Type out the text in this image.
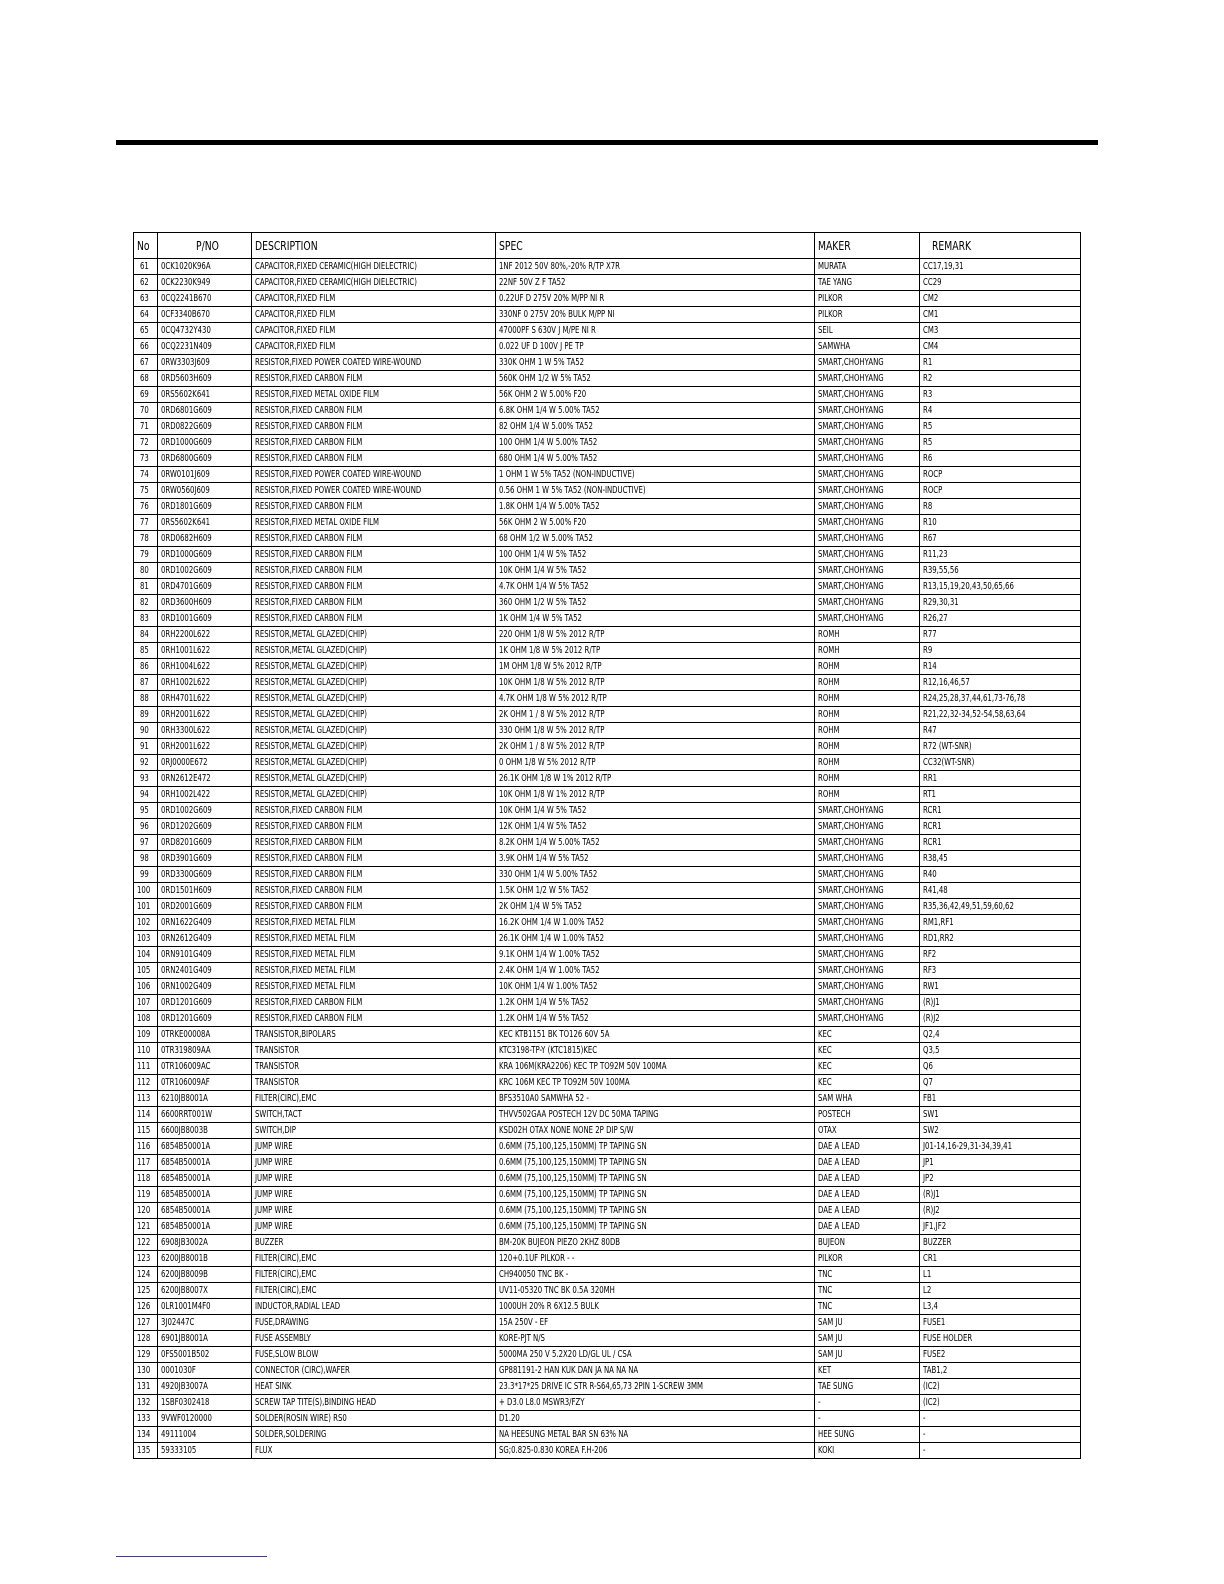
No	P/NO	DESCRIPTION	SPEC	MAKER	REMARK
61	0CK1020K96A	CAPACITOR,FIXED CERAMIC(HIGH DIELECTRIC)	1NF 2012 50V 80%,-20% R/TP X7R	MURATA	CC17,19,31
62	0CK2230K949	CAPACITOR,FIXED CERAMIC(HIGH DIELECTRIC)	22NF 50V Z F TA52	TAE YANG	CC29
63	0CQ2241B670	CAPACITOR,FIXED FILM	0.22UF D 275V 20% M/PP NI R	PILKOR	CM2
64	0CF3340B670	CAPACITOR,FIXED FILM	330NF 0 275V 20% BULK M/PP NI	PILKOR	CM1
65	0CQ4732Y430	CAPACITOR,FIXED FILM	47000PF S 630V J M/PE NI R	SEIL	CM3
66	0CQ2231N409	CAPACITOR,FIXED FILM	0.022 UF D 100V J PE TP	SAMWHA	CM4
67	0RW3303J609	RESISTOR,FIXED POWER COATED WIRE-WOUND	330K OHM 1 W 5% TA52	SMART,CHOHYANG	R1
68	0RD5603H609	RESISTOR,FIXED CARBON FILM	560K OHM 1/2 W 5% TA52	SMART,CHOHYANG	R2
69	0RS5602K641	RESISTOR,FIXED METAL OXIDE FILM	56K OHM 2 W 5.00% F20	SMART,CHOHYANG	R3
70	0RD6801G609	RESISTOR,FIXED CARBON FILM	6.8K OHM 1/4 W 5.00% TA52	SMART,CHOHYANG	R4
71	0RD0822G609	RESISTOR,FIXED CARBON FILM	82 OHM 1/4 W 5.00% TA52	SMART,CHOHYANG	R5
72	0RD1000G609	RESISTOR,FIXED CARBON FILM	100 OHM 1/4 W 5.00% TA52	SMART,CHOHYANG	R5
73	0RD6800G609	RESISTOR,FIXED CARBON FILM	680 OHM 1/4 W 5.00% TA52	SMART,CHOHYANG	R6
74	0RW0101J609	RESISTOR,FIXED POWER COATED WIRE-WOUND	1 OHM 1 W 5% TA52 (NON-INDUCTIVE)	SMART,CHOHYANG	ROCP
75	0RW0560J609	RESISTOR,FIXED POWER COATED WIRE-WOUND	0.56 OHM 1 W 5% TA52 (NON-INDUCTIVE)	SMART,CHOHYANG	ROCP
76	0RD1801G609	RESISTOR,FIXED CARBON FILM	1.8K OHM 1/4 W 5.00% TA52	SMART,CHOHYANG	R8
77	0RS5602K641	RESISTOR,FIXED METAL OXIDE FILM	56K OHM 2 W 5.00% F20	SMART,CHOHYANG	R10
78	0RD0682H609	RESISTOR,FIXED CARBON FILM	68 OHM 1/2 W 5.00% TA52	SMART,CHOHYANG	R67
79	0RD1000G609	RESISTOR,FIXED CARBON FILM	100 OHM 1/4 W 5% TA52	SMART,CHOHYANG	R11,23
80	0RD1002G609	RESISTOR,FIXED CARBON FILM	10K OHM 1/4 W 5% TA52	SMART,CHOHYANG	R39,55,56
81	0RD4701G609	RESISTOR,FIXED CARBON FILM	4.7K OHM 1/4 W 5% TA52	SMART,CHOHYANG	R13,15,19,20,43,50,65,66
82	0RD3600H609	RESISTOR,FIXED CARBON FILM	360 OHM 1/2 W 5% TA52	SMART,CHOHYANG	R29,30,31
83	0RD1001G609	RESISTOR,FIXED CARBON FILM	1K OHM 1/4 W 5% TA52	SMART,CHOHYANG	R26,27
84	0RH2200L622	RESISTOR,METAL GLAZED(CHIP)	220 OHM 1/8 W 5% 2012 R/TP	ROMH	R77
85	0RH1001L622	RESISTOR,METAL GLAZED(CHIP)	1K OHM 1/8 W 5% 2012 R/TP	ROMH	R9
86	0RH1004L622	RESISTOR,METAL GLAZED(CHIP)	1M OHM 1/8 W 5% 2012 R/TP	ROHM	R14
87	0RH1002L622	RESISTOR,METAL GLAZED(CHIP)	10K OHM 1/8 W 5% 2012 R/TP	ROHM	R12,16,46,57
88	0RH4701L622	RESISTOR,METAL GLAZED(CHIP)	4.7K OHM 1/8 W 5% 2012 R/TP	ROHM	R24,25,28,37,44,61,73-76,78
89	0RH2001L622	RESISTOR,METAL GLAZED(CHIP)	2K OHM 1 / 8 W 5% 2012 R/TP	ROHM	R21,22,32-34,52-54,58,63,64
90	0RH3300L622	RESISTOR,METAL GLAZED(CHIP)	330 OHM 1/8 W 5% 2012 R/TP	ROHM	R47
91	0RH2001L622	RESISTOR,METAL GLAZED(CHIP)	2K OHM 1 / 8 W 5% 2012 R/TP	ROHM	R72 (WT-SNR)
92	0RJ0000E672	RESISTOR,METAL GLAZED(CHIP)	0 OHM 1/8 W 5% 2012 R/TP	ROHM	CC32(WT-SNR)
93	0RN2612E472	RESISTOR,METAL GLAZED(CHIP)	26.1K OHM 1/8 W 1% 2012 R/TP	ROHM	RR1
94	0RH1002L422	RESISTOR,METAL GLAZED(CHIP)	10K OHM 1/8 W 1% 2012 R/TP	ROHM	RT1
95	0RD1002G609	RESISTOR,FIXED CARBON FILM	10K OHM 1/4 W 5% TA52	SMART,CHOHYANG	RCR1
96	0RD1202G609	RESISTOR,FIXED CARBON FILM	12K OHM 1/4 W 5% TA52	SMART,CHOHYANG	RCR1
97	0RD8201G609	RESISTOR,FIXED CARBON FILM	8.2K OHM 1/4 W 5.00% TA52	SMART,CHOHYANG	RCR1
98	0RD3901G609	RESISTOR,FIXED CARBON FILM	3.9K OHM 1/4 W 5% TA52	SMART,CHOHYANG	R38,45
99	0RD3300G609	RESISTOR,FIXED CARBON FILM	330 OHM 1/4 W 5.00% TA52	SMART,CHOHYANG	R40
100	0RD1501H609	RESISTOR,FIXED CARBON FILM	1.5K OHM 1/2 W 5% TA52	SMART,CHOHYANG	R41,48
101	0RD2001G609	RESISTOR,FIXED CARBON FILM	2K OHM 1/4 W 5% TA52	SMART,CHOHYANG	R35,36,42,49,51,59,60,62
102	0RN1622G409	RESISTOR,FIXED METAL FILM	16.2K OHM 1/4 W 1.00% TA52	SMART,CHOHYANG	RM1,RF1
103	0RN2612G409	RESISTOR,FIXED METAL FILM	26.1K OHM 1/4 W 1.00% TA52	SMART,CHOHYANG	RD1,RR2
104	0RN9101G409	RESISTOR,FIXED METAL FILM	9.1K OHM 1/4 W 1.00% TA52	SMART,CHOHYANG	RF2
105	0RN2401G409	RESISTOR,FIXED METAL FILM	2.4K OHM 1/4 W 1.00% TA52	SMART,CHOHYANG	RF3
106	0RN1002G409	RESISTOR,FIXED METAL FILM	10K OHM 1/4 W 1.00% TA52	SMART,CHOHYANG	RW1
107	0RD1201G609	RESISTOR,FIXED CARBON FILM	1.2K OHM 1/4 W 5% TA52	SMART,CHOHYANG	(R)J1
108	0RD1201G609	RESISTOR,FIXED CARBON FILM	1.2K OHM 1/4 W 5% TA52	SMART,CHOHYANG	(R)J2
109	0TRKE00008A	TRANSISTOR,BIPOLARS	KEC KTB1151 BK TO126 60V 5A	KEC	Q2,4
110	0TR319809AA	TRANSISTOR	KTC3198-TP-Y (KTC1815)KEC	KEC	Q3,5
111	0TR106009AC	TRANSISTOR	KRA 106M(KRA2206) KEC TP TO92M 50V 100MA	KEC	Q6
112	0TR106009AF	TRANSISTOR	KRC 106M KEC TP TO92M 50V 100MA	KEC	Q7
113	6210JB8001A	FILTER(CIRC),EMC	BFS3510A0 SAMWHA 52 -	SAM WHA	FB1
114	6600RRT001W	SWITCH,TACT	THVV502GAA POSTECH 12V DC 50MA TAPING	POSTECH	SW1
115	6600JB8003B	SWITCH,DIP	KSD02H OTAX NONE NONE 2P DIP S/W	OTAX	SW2
116	6854B50001A	JUMP WIRE	0.6MM (75,100,125,150MM) TP TAPING SN	DAE A LEAD	J01-14,16-29,31-34,39,41
117	6854B50001A	JUMP WIRE	0.6MM (75,100,125,150MM) TP TAPING SN	DAE A LEAD	JP1
118	6854B50001A	JUMP WIRE	0.6MM (75,100,125,150MM) TP TAPING SN	DAE A LEAD	JP2
119	6854B50001A	JUMP WIRE	0.6MM (75,100,125,150MM) TP TAPING SN	DAE A LEAD	(R)J1
120	6854B50001A	JUMP WIRE	0.6MM (75,100,125,150MM) TP TAPING SN	DAE A LEAD	(R)J2
121	6854B50001A	JUMP WIRE	0.6MM (75,100,125,150MM) TP TAPING SN	DAE A LEAD	JF1,JF2
122	6908JB3002A	BUZZER	BM-20K BUJEON PIEZO 2KHZ 80DB	BUJEON	BUZZER
123	6200JB8001B	FILTER(CIRC),EMC	120+0.1UF PILKOR - -	PILKOR	CR1
124	6200JB8009B	FILTER(CIRC),EMC	CH940050 TNC BK -	TNC	L1
125	6200JB8007X	FILTER(CIRC),EMC	UV11-05320 TNC BK 0.5A 320MH	TNC	L2
126	0LR1001M4F0	INDUCTOR,RADIAL LEAD	1000UH 20% R 6X12.5 BULK	TNC	L3,4
127	3J02447C	FUSE,DRAWING	15A 250V - EF	SAM JU	FUSE1
128	6901JB8001A	FUSE ASSEMBLY	KORE-PJT N/S	SAM JU	FUSE HOLDER
129	0FS5001B502	FUSE,SLOW BLOW	5000MA 250 V 5.2X20 LD/GL UL / CSA	SAM JU	FUSE2
130	0001030F	CONNECTOR (CIRC),WAFER	GP881191-2 HAN KUK DAN JA NA NA NA	KET	TAB1,2
131	4920JB3007A	HEAT SINK	23.3*17*25 DRIVE IC STR R-S64,65,73 2PIN 1-SCREW 3MM	TAE SUNG	(IC2)
132	1SBF0302418	SCREW TAP TITE(S),BINDING HEAD	+ D3.0 L8.0 MSWR3/FZY	-	(IC2)
133	9VWF0120000	SOLDER(ROSIN WIRE) RS0	D1.20	-	-
134	49111004	SOLDER,SOLDERING	NA HEESUNG METAL BAR SN 63% NA	HEE SUNG	-
135	59333105	FLUX	SG;0.825-0.830 KOREA F.H-206	KOKI	-
